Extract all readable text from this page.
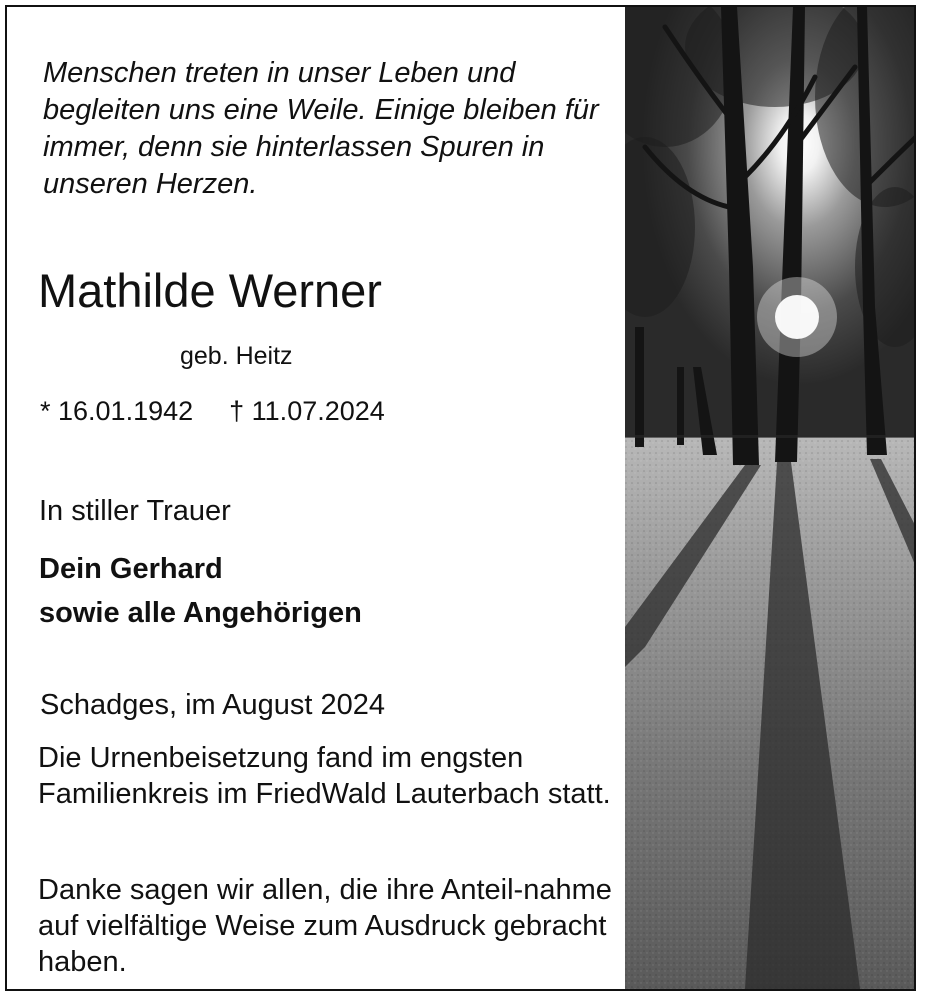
Menschen treten in unser Leben und begleiten uns eine Weile. Einige bleiben für immer, denn sie hinterlassen Spuren in unseren Herzen.

Mathilde Werner
geb. Heitz
* 16.01.1942 † 11.07.2024
In stiller Trauer
Dein Gerhard
sowie alle Angehörigen
Schadges, im August 2024

Die Urnenbeisetzung fand im engsten Familienkreis im FriedWald Lauterbach statt.

Danke sagen wir allen, die ihre Anteil-nahme auf vielfältige Weise zum Ausdruck gebracht haben.
